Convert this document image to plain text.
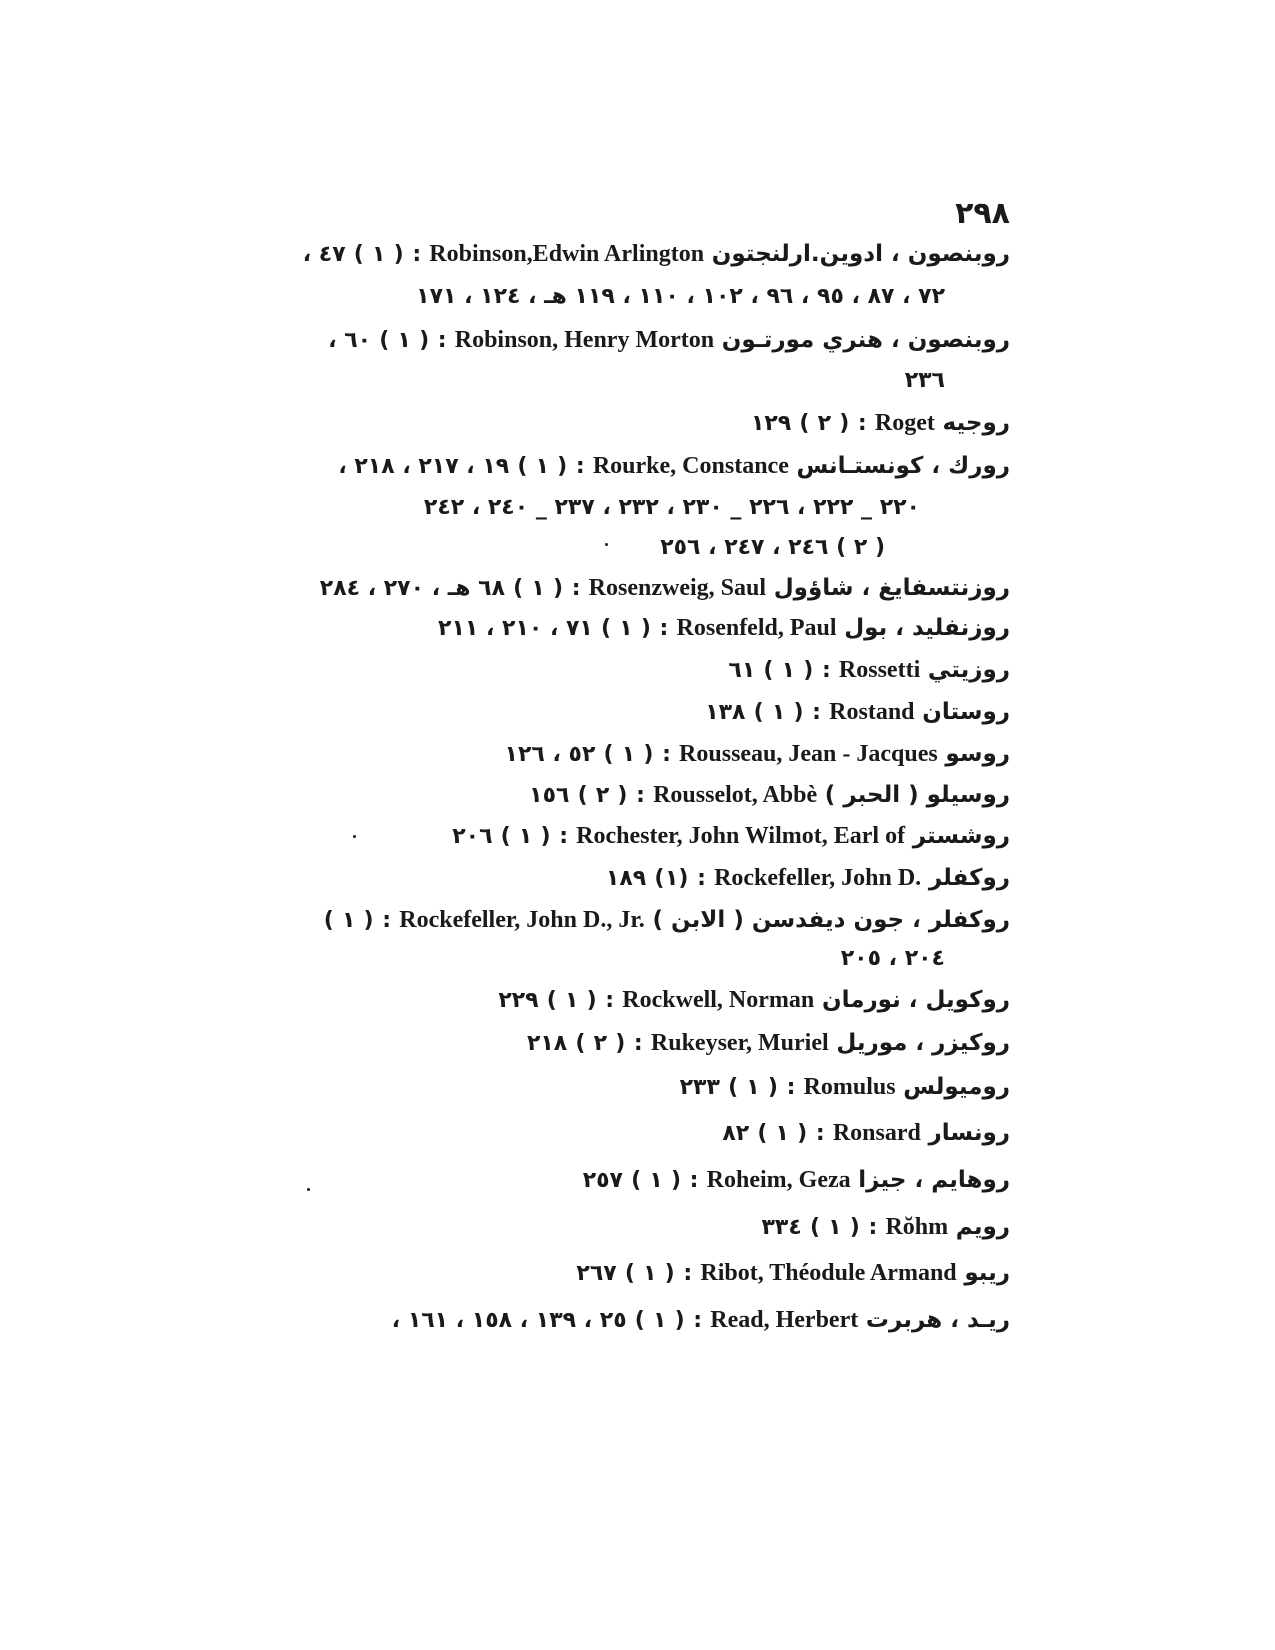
٢٩٨
روبنصون ، ادوين.ارلنجتون Robinson,Edwin Arlington : ( ١ ) ٤٧ ،
٧٢ ، ٨٧ ، ٩٥ ، ٩٦ ، ١٠٢ ، ١١٠ ، ١١٩ هـ ، ١٢٤ ، ١٧١
روبنصون ، هنري مورتـون Robinson, Henry Morton : ( ١ ) ٦٠ ،
٢٣٦
روجيه Roget : ( ٢ ) ١٢٩
رورك ، كونستـانس Rourke, Constance : ( ١ ) ١٩ ، ٢١٧ ، ٢١٨ ،
٢٢٠ _ ٢٢٢ ، ٢٢٦ _ ٢٣٠ ، ٢٣٢ ، ٢٣٧ _ ٢٤٠ ، ٢٤٢
( ٢ ) ٢٤٦ ، ٢٤٧ ، ٢٥٦
روزنتسفايغ ، شاؤول Rosenzweig, Saul : ( ١ ) ٦٨ هـ ، ٢٧٠ ، ٢٨٤
روزنفليد ، بول Rosenfeld, Paul : ( ١ ) ٧١ ، ٢١٠ ، ٢١١
روزيتي Rossetti : ( ١ ) ٦١
روستان Rostand : ( ١ ) ١٣٨
روسو Rousseau, Jean - Jacques : ( ١ ) ٥٢ ، ١٢٦
روسيلو ( الحبر ) Rousselot, Abbè : ( ٢ ) ١٥٦
روشستر Rochester, John Wilmot, Earl of : ( ١ ) ٢٠٦
روكفلر Rockefeller, John D. : (١) ١٨٩
روكفلر ، جون ديفدسن ( الابن ) Rockefeller, John D., Jr. : ( ١ )
٢٠٤ ، ٢٠٥
روكويل ، نورمان Rockwell, Norman : ( ١ ) ٢٢٩
روكيزر ، موريل Rukeyser, Muriel : ( ٢ ) ٢١٨
روميولس Romulus : ( ١ ) ٢٣٣
رونسار Ronsard : ( ١ ) ٨٢
روهايم ، جيزا Roheim, Geza : ( ١ ) ٢٥٧
رويم Rŏhm : ( ١ ) ٣٣٤
ريبو Ribot, Théodule Armand : ( ١ ) ٢٦٧
ريـد ، هربرت Read, Herbert : ( ١ ) ٢٥ ، ١٣٩ ، ١٥٨ ، ١٦١ ،
